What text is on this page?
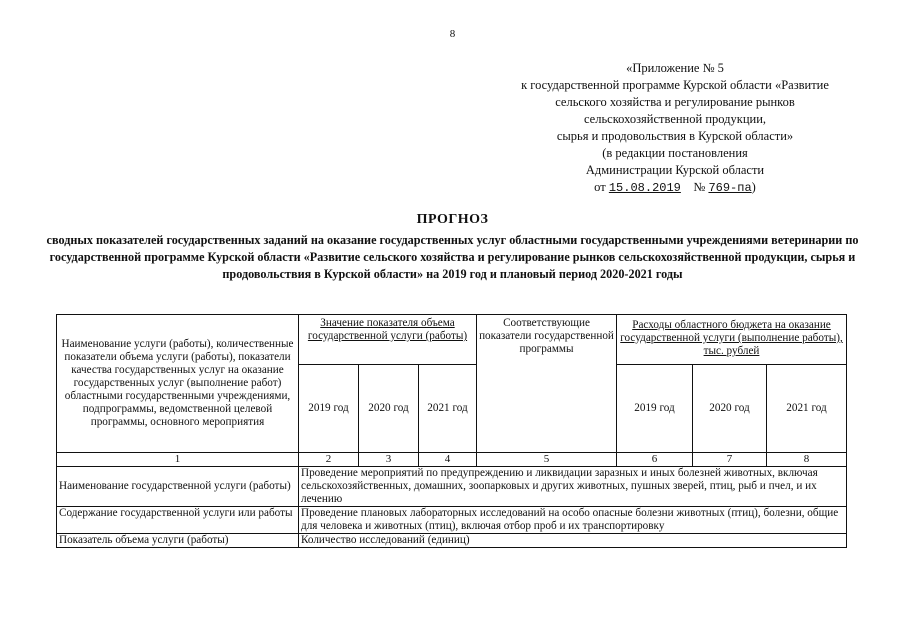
8
«Приложение № 5
к государственной программе Курской области «Развитие
сельского хозяйства и регулирование рынков
сельскохозяйственной продукции,
сырья и продовольствия в Курской области»
(в редакции постановления
Администрации Курской области
от 15.08.2019 № 769-па)
ПРОГНОЗ
сводных показателей государственных заданий на оказание государственных услуг областными государственными учреждениями ветеринарии по государственной программе Курской области «Развитие сельского хозяйства и регулирование рынков сельскохозяйственной продукции, сырья и продовольствия в Курской области» на 2019 год и плановый период 2020-2021 годы
Наименование услуги (работы), количественные показатели объема услуги (работы), показатели качества государственных услуг на оказание государственных услуг (выполнение работ) областными государственными учреждениями, подпрограммы, ведомственной целевой программы, основного мероприятия	Значение показателя объема государственной услуги (работы)			Соответствующие показатели государственной программы	Расходы областного бюджета на оказание государственной услуги (выполнение работы), тыс. рублей		
	2019 год	2020 год	2021 год		2019 год	2020 год	2021 год
1	2	3	4	5	6	7	8
Наименование государственной услуги (работы)	Проведение мероприятий по предупреждению и ликвидации заразных и иных болезней животных, включая сельскохозяйственных, домашних, зоопарковых и других животных, пушных зверей, птиц, рыб и пчел, и их лечению						
Содержание государственной услуги или работы	Проведение плановых лабораторных исследований на особо опасные болезни животных (птиц), болезни, общие для человека и животных (птиц), включая отбор проб и их транспортировку						
Показатель объема услуги (работы)	Количество исследований (единиц)						
